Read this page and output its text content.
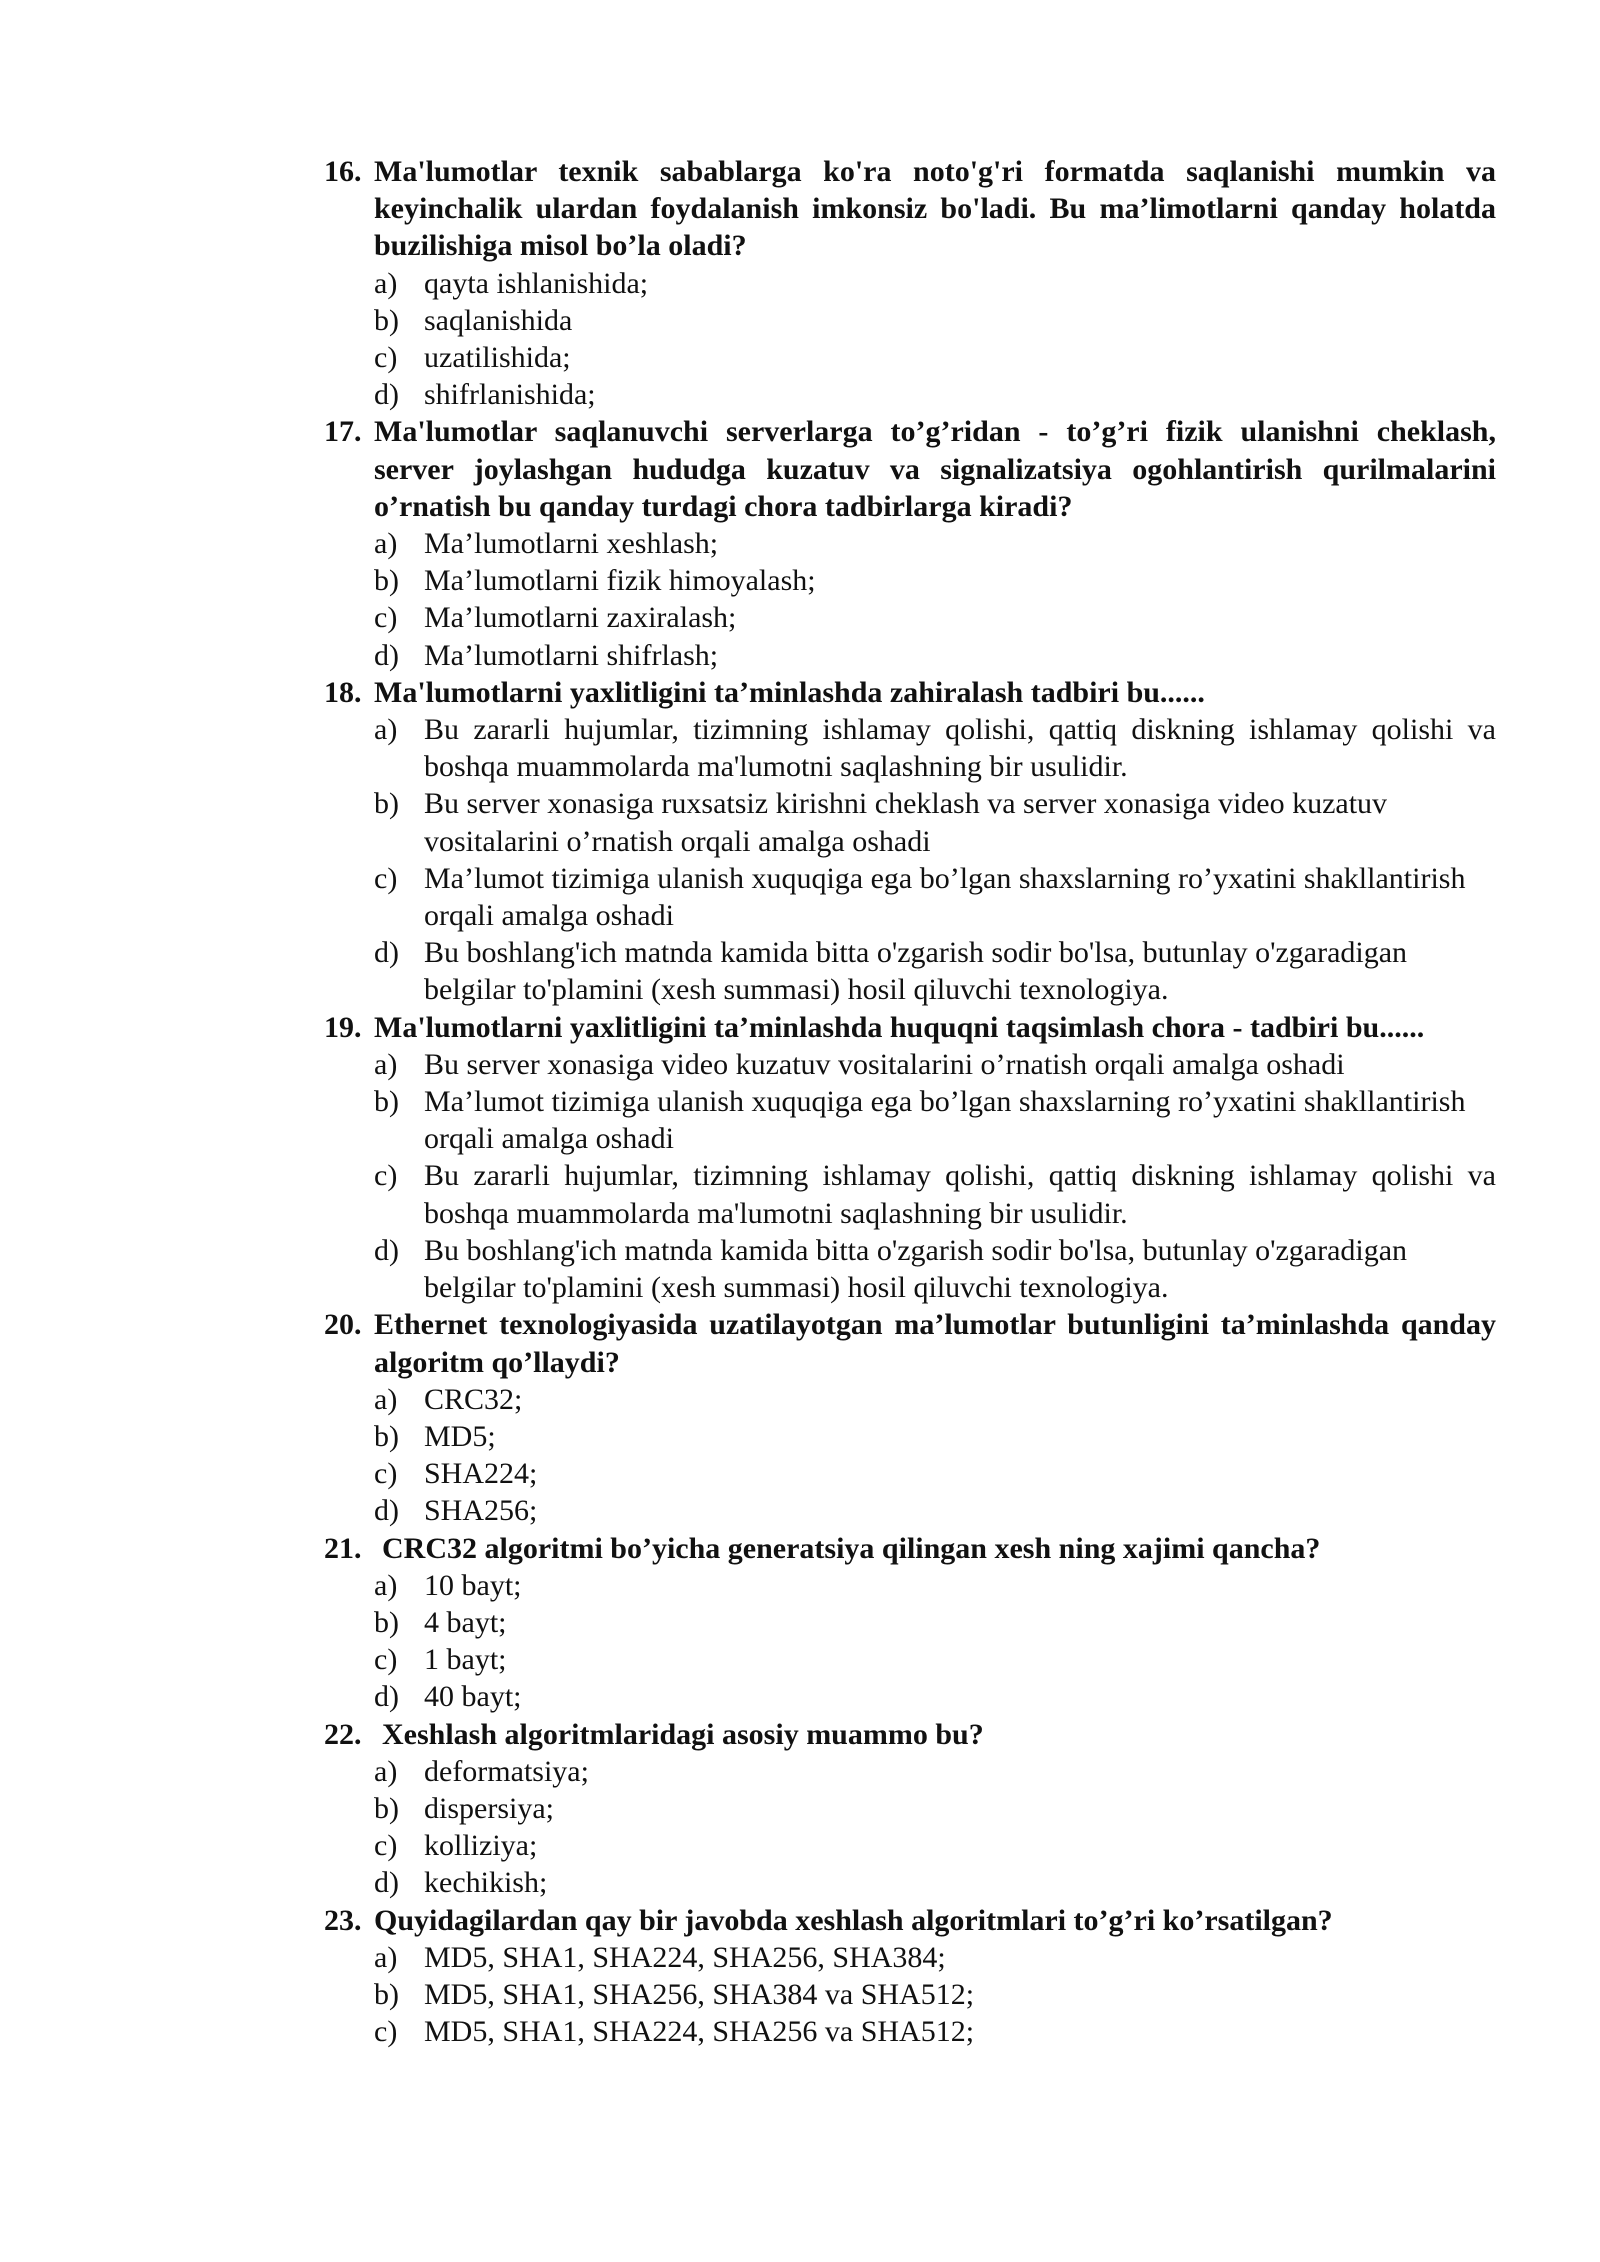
16. Ma'lumotlar texnik sabablarga ko'ra noto'g'ri formatda saqlanishi mumkin va keyinchalik ulardan foydalanish imkonsiz bo'ladi. Bu ma’limotlarni qanday holatda buzilishiga misol bo’la oladi?
a) qayta ishlanishida;
b) saqlanishida
c) uzatilishida;
d) shifrlanishida;
17. Ma'lumotlar saqlanuvchi serverlarga to’g’ridan - to’g’ri fizik ulanishni cheklash, server joylashgan hududga kuzatuv va signalizatsiya ogohlantirish qurilmalarini o’rnatish bu qanday turdagi chora tadbirlarga kiradi?
a) Ma’lumotlarni xeshlash;
b) Ma’lumotlarni fizik himoyalash;
c) Ma’lumotlarni zaxiralash;
d) Ma’lumotlarni shifrlash;
18. Ma'lumotlarni yaxlitligini ta’minlashda zahiralash tadbiri bu......
a) Bu zararli hujumlar, tizimning ishlamay qolishi, qattiq diskning ishlamay qolishi va boshqa muammolarda ma'lumotni saqlashning bir usulidir.
b) Bu server xonasiga ruxsatsiz kirishni cheklash va server xonasiga video kuzatuv vositalarini o’rnatish orqali amalga oshadi
c) Ma’lumot tizimiga ulanish xuquqiga ega bo’lgan shaxslarning ro’yxatini shakllantirish orqali amalga oshadi
d) Bu boshlang'ich matnda kamida bitta o'zgarish sodir bo'lsa, butunlay o'zgaradigan belgilar to'plamini (xesh summasi) hosil qiluvchi texnologiya.
19. Ma'lumotlarni yaxlitligini ta’minlashda huquqni taqsimlash chora - tadbiri bu......
a) Bu server xonasiga video kuzatuv vositalarini o’rnatish orqali amalga oshadi
b) Ma’lumot tizimiga ulanish xuquqiga ega bo’lgan shaxslarning ro’yxatini shakllantirish orqali amalga oshadi
c) Bu zararli hujumlar, tizimning ishlamay qolishi, qattiq diskning ishlamay qolishi va boshqa muammolarda ma'lumotni saqlashning bir usulidir.
d) Bu boshlang'ich matnda kamida bitta o'zgarish sodir bo'lsa, butunlay o'zgaradigan belgilar to'plamini (xesh summasi) hosil qiluvchi texnologiya.
20. Ethernet texnologiyasida uzatilayotgan ma’lumotlar butunligini ta’minlashda qanday algoritm qo’llaydi?
a) CRC32;
b) MD5;
c) SHA224;
d) SHA256;
21. CRC32 algoritmi bo’yicha generatsiya qilingan xesh ning xajimi qancha?
a) 10 bayt;
b) 4 bayt;
c) 1 bayt;
d) 40 bayt;
22. Xeshlash algoritmlaridagi asosiy muammo bu?
a) deformatsiya;
b) dispersiya;
c) kolliziya;
d) kechikish;
23. Quyidagilardan qay bir javobda xeshlash algoritmlari to’g’ri ko’rsatilgan?
a) MD5, SHA1, SHA224, SHA256, SHA384;
b) MD5, SHA1, SHA256, SHA384 va SHA512;
c) MD5, SHA1, SHA224, SHA256 va SHA512;
